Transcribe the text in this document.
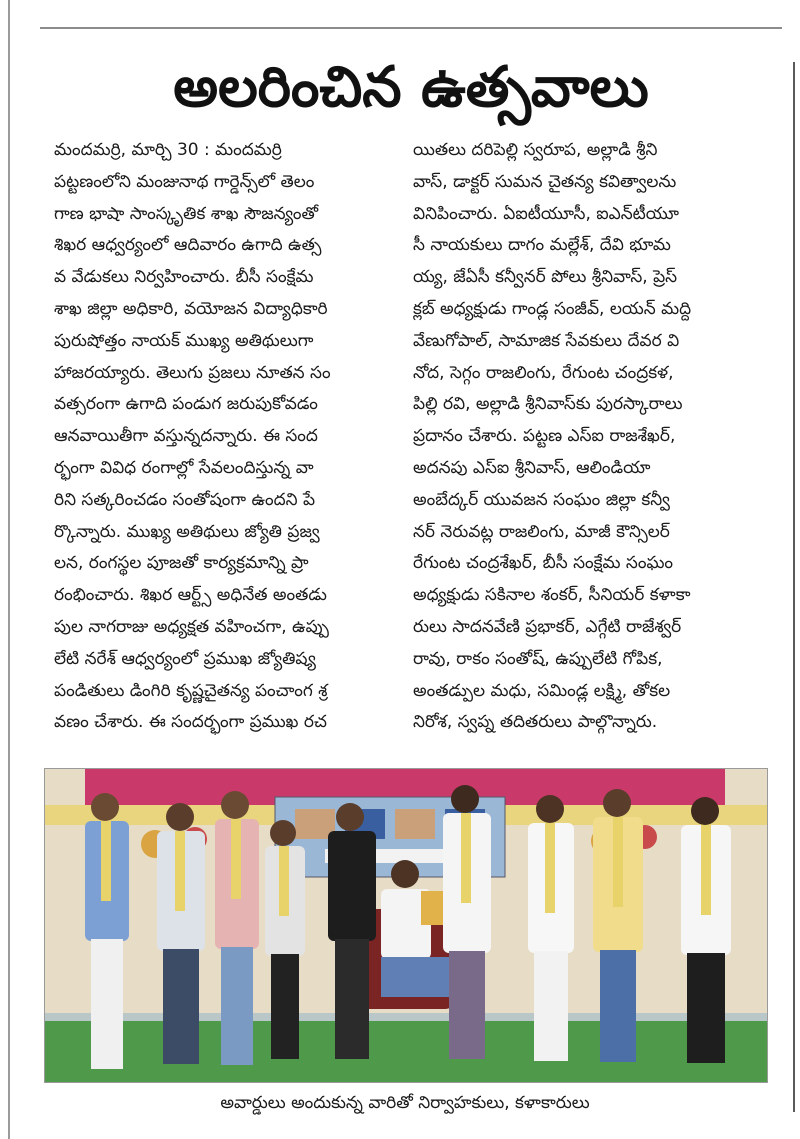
అలరించిన ఉత్సవాలు
మందమర్రి, మార్చి 30 : మందమర్రి
పట్టణంలోని మంజునాథ గార్డెన్స్‌లో తెలం
గాణ భాషా సాంస్కృతిక శాఖ సౌజన్యంతో
శిఖర ఆధ్వర్యంలో ఆదివారం ఉగాది ఉత్స
వ వేడుకలు నిర్వహించారు. బీసీ సంక్షేమ
శాఖ జిల్లా అధికారి, వయోజన విద్యాధికారి
పురుషోత్తం నాయక్ ముఖ్య అతిథులుగా
హాజరయ్యారు. తెలుగు ప్రజలు నూతన సం
వత్సరంగా ఉగాది పండుగ జరుపుకోవడం
ఆనవాయితీగా వస్తున్నదన్నారు. ఈ సంద
ర్భంగా వివిధ రంగాల్లో సేవలందిస్తున్న వా
రిని సత్కరించడం సంతోషంగా ఉందని పే
ర్కొన్నారు. ముఖ్య అతిథులు జ్యోతి ప్రజ్వ
లన, రంగస్థల పూజతో కార్యక్రమాన్ని ప్రా
రంభించారు. శిఖర ఆర్ట్స్ అధినేత అంతడు
పుల నాగరాజు అధ్యక్షత వహించగా, ఉప్పు
లేటి నరేశ్ ఆధ్వర్యంలో ప్రముఖ జ్యోతిష్య
పండితులు డింగిరి కృష్ణచైతన్య పంచాంగ శ్ర
వణం చేశారు. ఈ సందర్భంగా ప్రముఖ రచ
యితలు దరిపెల్లి స్వరూప, అల్లాడి శ్రీని
వాస్, డాక్టర్ సుమన చైతన్య కవిత్వాలను
వినిపించారు. ఏఐటీయూసీ, ఐఎన్‌టీయూ
సీ నాయకులు దాగం మల్లేశ్, దేవి భూమ
య్య, జేఏసీ కన్వీనర్ పోలు శ్రీనివాస్, ప్రెస్
క్లబ్ అధ్యక్షుడు గాండ్ల సంజీవ్, లయన్ మద్ది
వేణుగోపాల్, సామాజిక సేవకులు దేవర వి
నోద, సెగ్గం రాజలింగు, రేగుంట చంద్రకళ,
పిల్లి రవి, అల్లాడి శ్రీనివాస్‌కు పురస్కారాలు
ప్రదానం చేశారు. పట్టణ ఎస్ఐ రాజశేఖర్,
అదనపు ఎస్ఐ శ్రీనివాస్, ఆలిండియా
అంబేద్కర్ యువజన సంఘం జిల్లా కన్వీ
నర్ నెరువట్ల రాజలింగు, మాజీ కౌన్సిలర్
రేగుంట చంద్రశేఖర్, బీసీ సంక్షేమ సంఘం
అధ్యక్షుడు సకినాల శంకర్, సీనియర్ కళాకా
రులు సాదనవేణి ప్రభాకర్, ఎగ్గేటి రాజేశ్వర్
రావు, రాకం సంతోష్, ఉప్పులేటి గోపిక,
అంతడ్పుల మధు, సమిండ్ల లక్ష్మి, తోకల
నిరోశ, స్వప్న తదితరులు పాల్గొన్నారు.
అవార్డులు అందుకున్న వారితో నిర్వాహకులు, కళాకారులు
